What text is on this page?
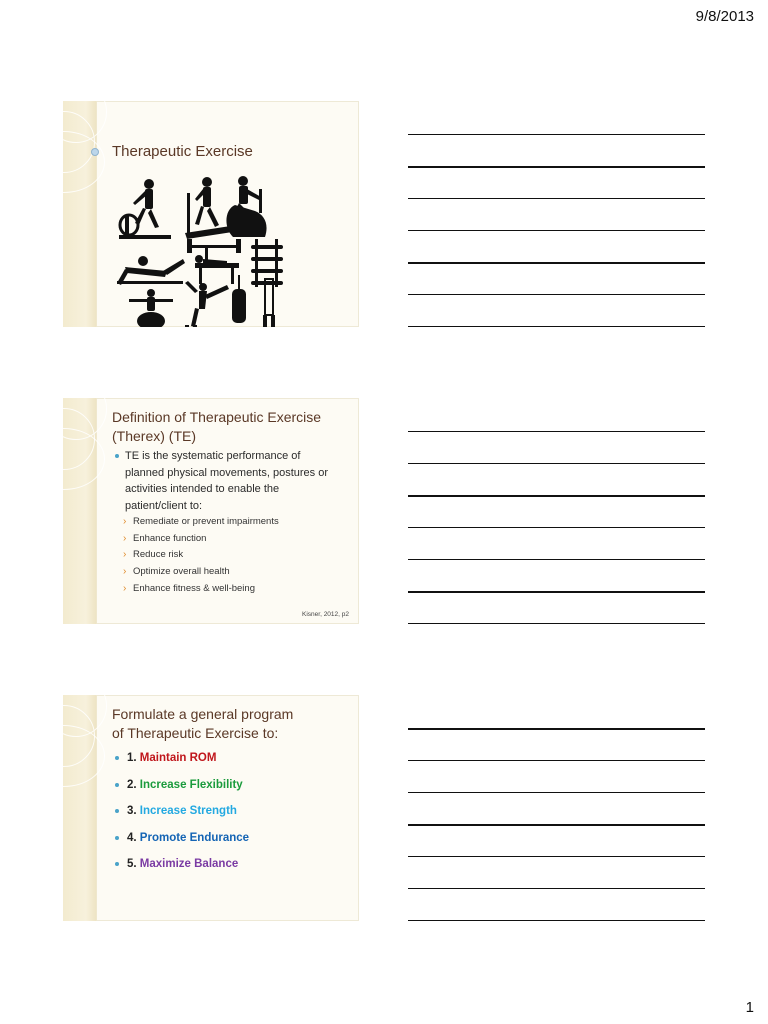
9/8/2013
Therapeutic Exercise
Definition of Therapeutic Exercise
(Therex) (TE)
TE is the systematic performance of
planned physical movements, postures or
activities intended to enable the
patient/client to:
› Remediate or prevent impairments
› Enhance function
› Reduce risk
› Optimize overall health
› Enhance fitness & well-being
Kisner, 2012, p2
Formulate a general program
of Therapeutic Exercise to:
1. Maintain ROM
2. Increase Flexibility
3. Increase Strength
4. Promote Endurance
5. Maximize Balance
1
